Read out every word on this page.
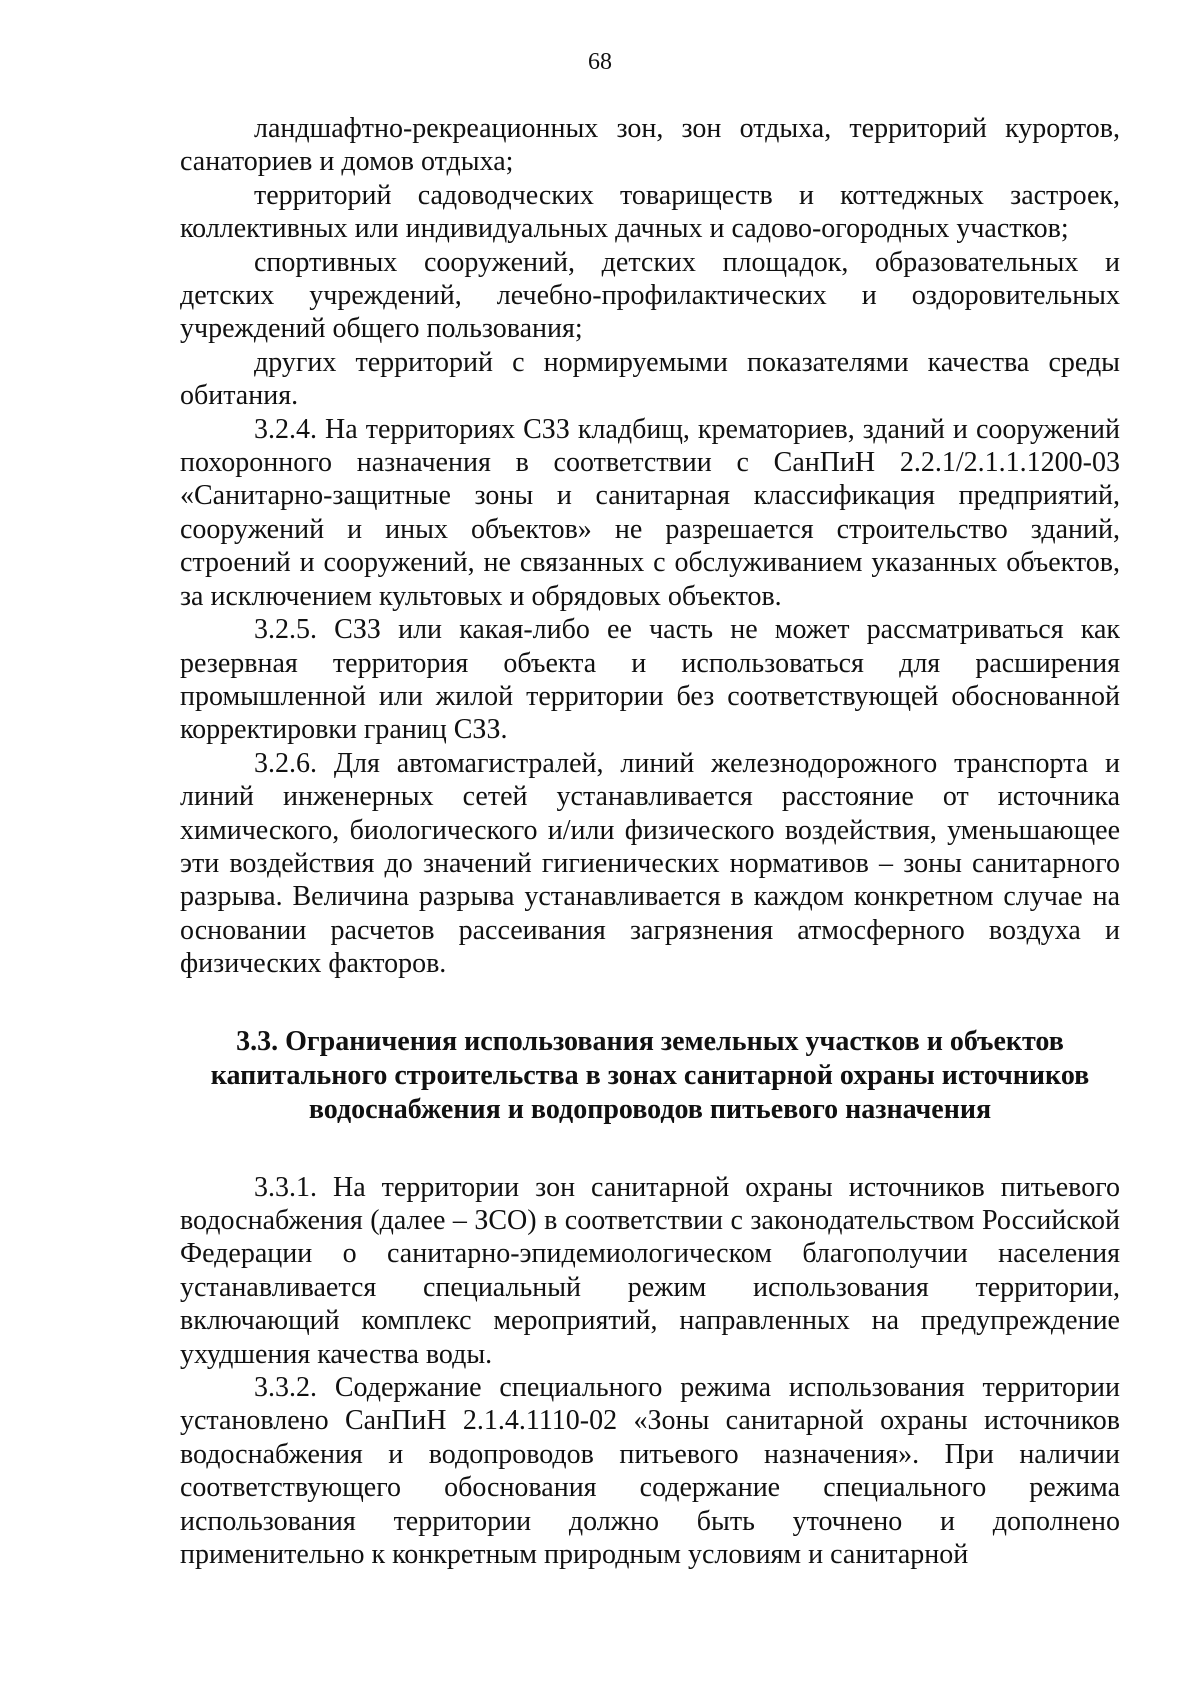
68

ландшафтно-рекреационных зон, зон отдыха, территорий курортов, санаториев и домов отдыха;

территорий садоводческих товариществ и коттеджных застроек, коллективных или индивидуальных дачных и садово-огородных участков;

спортивных сооружений, детских площадок, образовательных и детских учреждений, лечебно-профилактических и оздоровительных учреждений общего пользования;

других территорий с нормируемыми показателями качества среды обитания.

3.2.4. На территориях СЗЗ кладбищ, крематориев, зданий и сооружений похоронного назначения в соответствии с СанПиН 2.2.1/2.1.1.1200-03 «Санитарно-защитные зоны и санитарная классификация предприятий, сооружений и иных объектов» не разрешается строительство зданий, строений и сооружений, не связанных с обслуживанием указанных объектов, за исключением культовых и обрядовых объектов.

3.2.5. СЗЗ или какая-либо ее часть не может рассматриваться как резервная территория объекта и использоваться для расширения промышленной или жилой территории без соответствующей обоснованной корректировки границ СЗЗ.

3.2.6. Для автомагистралей, линий железнодорожного транспорта и линий инженерных сетей устанавливается расстояние от источника химического, биологического и/или физического воздействия, уменьшающее эти воздействия до значений гигиенических нормативов – зоны санитарного разрыва. Величина разрыва устанавливается в каждом конкретном случае на основании расчетов рассеивания загрязнения атмосферного воздуха и физических факторов.

3.3. Ограничения использования земельных участков и объектов капитального строительства в зонах санитарной охраны источников водоснабжения и водопроводов питьевого назначения

3.3.1. На территории зон санитарной охраны источников питьевого водоснабжения (далее – ЗСО) в соответствии с законодательством Российской Федерации о санитарно-эпидемиологическом благополучии населения устанавливается специальный режим использования территории, включающий комплекс мероприятий, направленных на предупреждение ухудшения качества воды.

3.3.2. Содержание специального режима использования территории установлено СанПиН 2.1.4.1110-02 «Зоны санитарной охраны источников водоснабжения и водопроводов питьевого назначения». При наличии соответствующего обоснования содержание специального режима использования территории должно быть уточнено и дополнено применительно к конкретным природным условиям и санитарной
